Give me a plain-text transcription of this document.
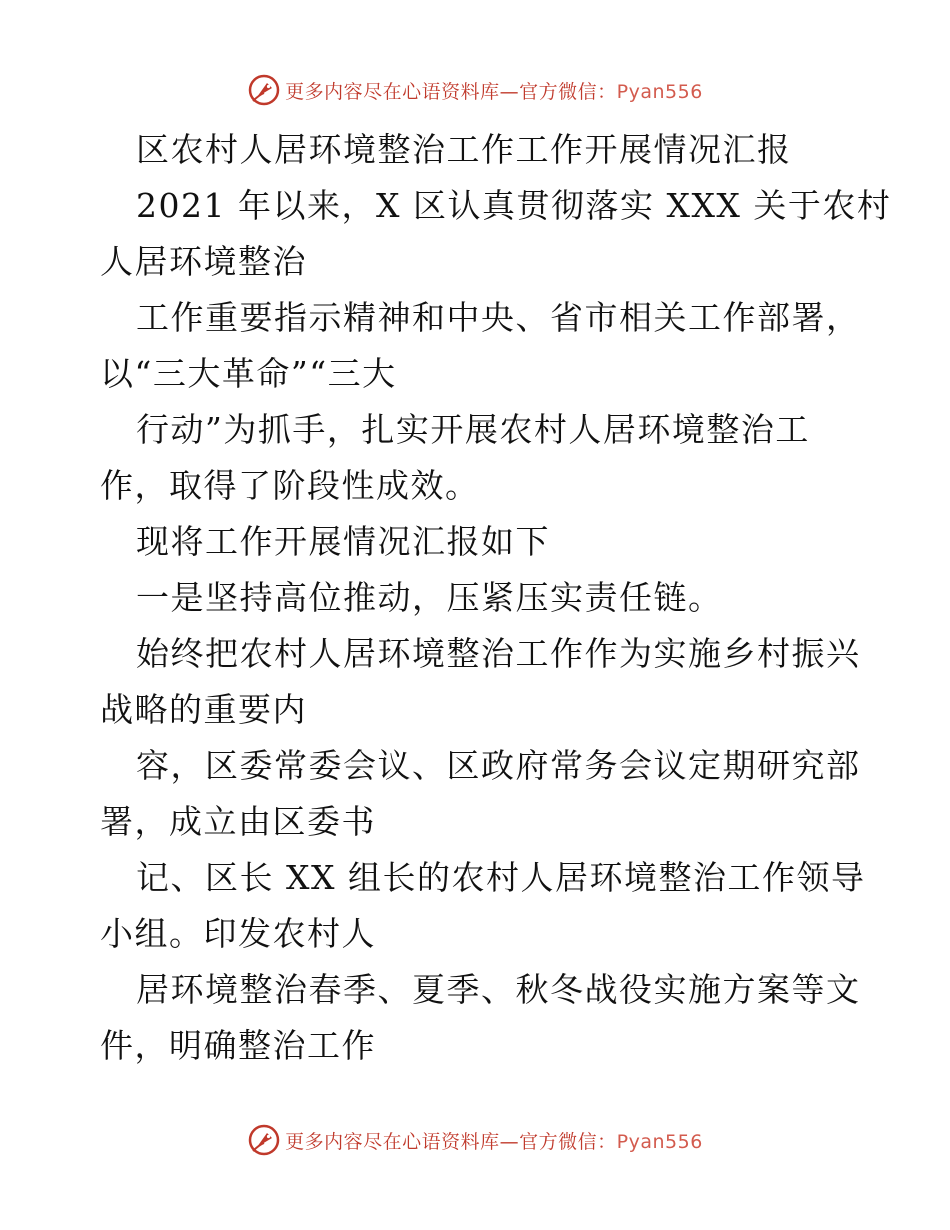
更多内容尽在心语资料库—官方微信：Pyan556
区农村人居环境整治工作工作开展情况汇报
2021 年以来，X 区认真贯彻落实 XXX 关于农村
人居环境整治
工作重要指示精神和中央、省市相关工作部署，
以“三大革命”“三大
行动”为抓手，扎实开展农村人居环境整治工
作，取得了阶段性成效。
现将工作开展情况汇报如下
一是坚持高位推动，压紧压实责任链。
始终把农村人居环境整治工作作为实施乡村振兴
战略的重要内
容，区委常委会议、区政府常务会议定期研究部
署，成立由区委书
记、区长 XX 组长的农村人居环境整治工作领导
小组。印发农村人
居环境整治春季、夏季、秋冬战役实施方案等文
件，明确整治工作
更多内容尽在心语资料库—官方微信：Pyan556
